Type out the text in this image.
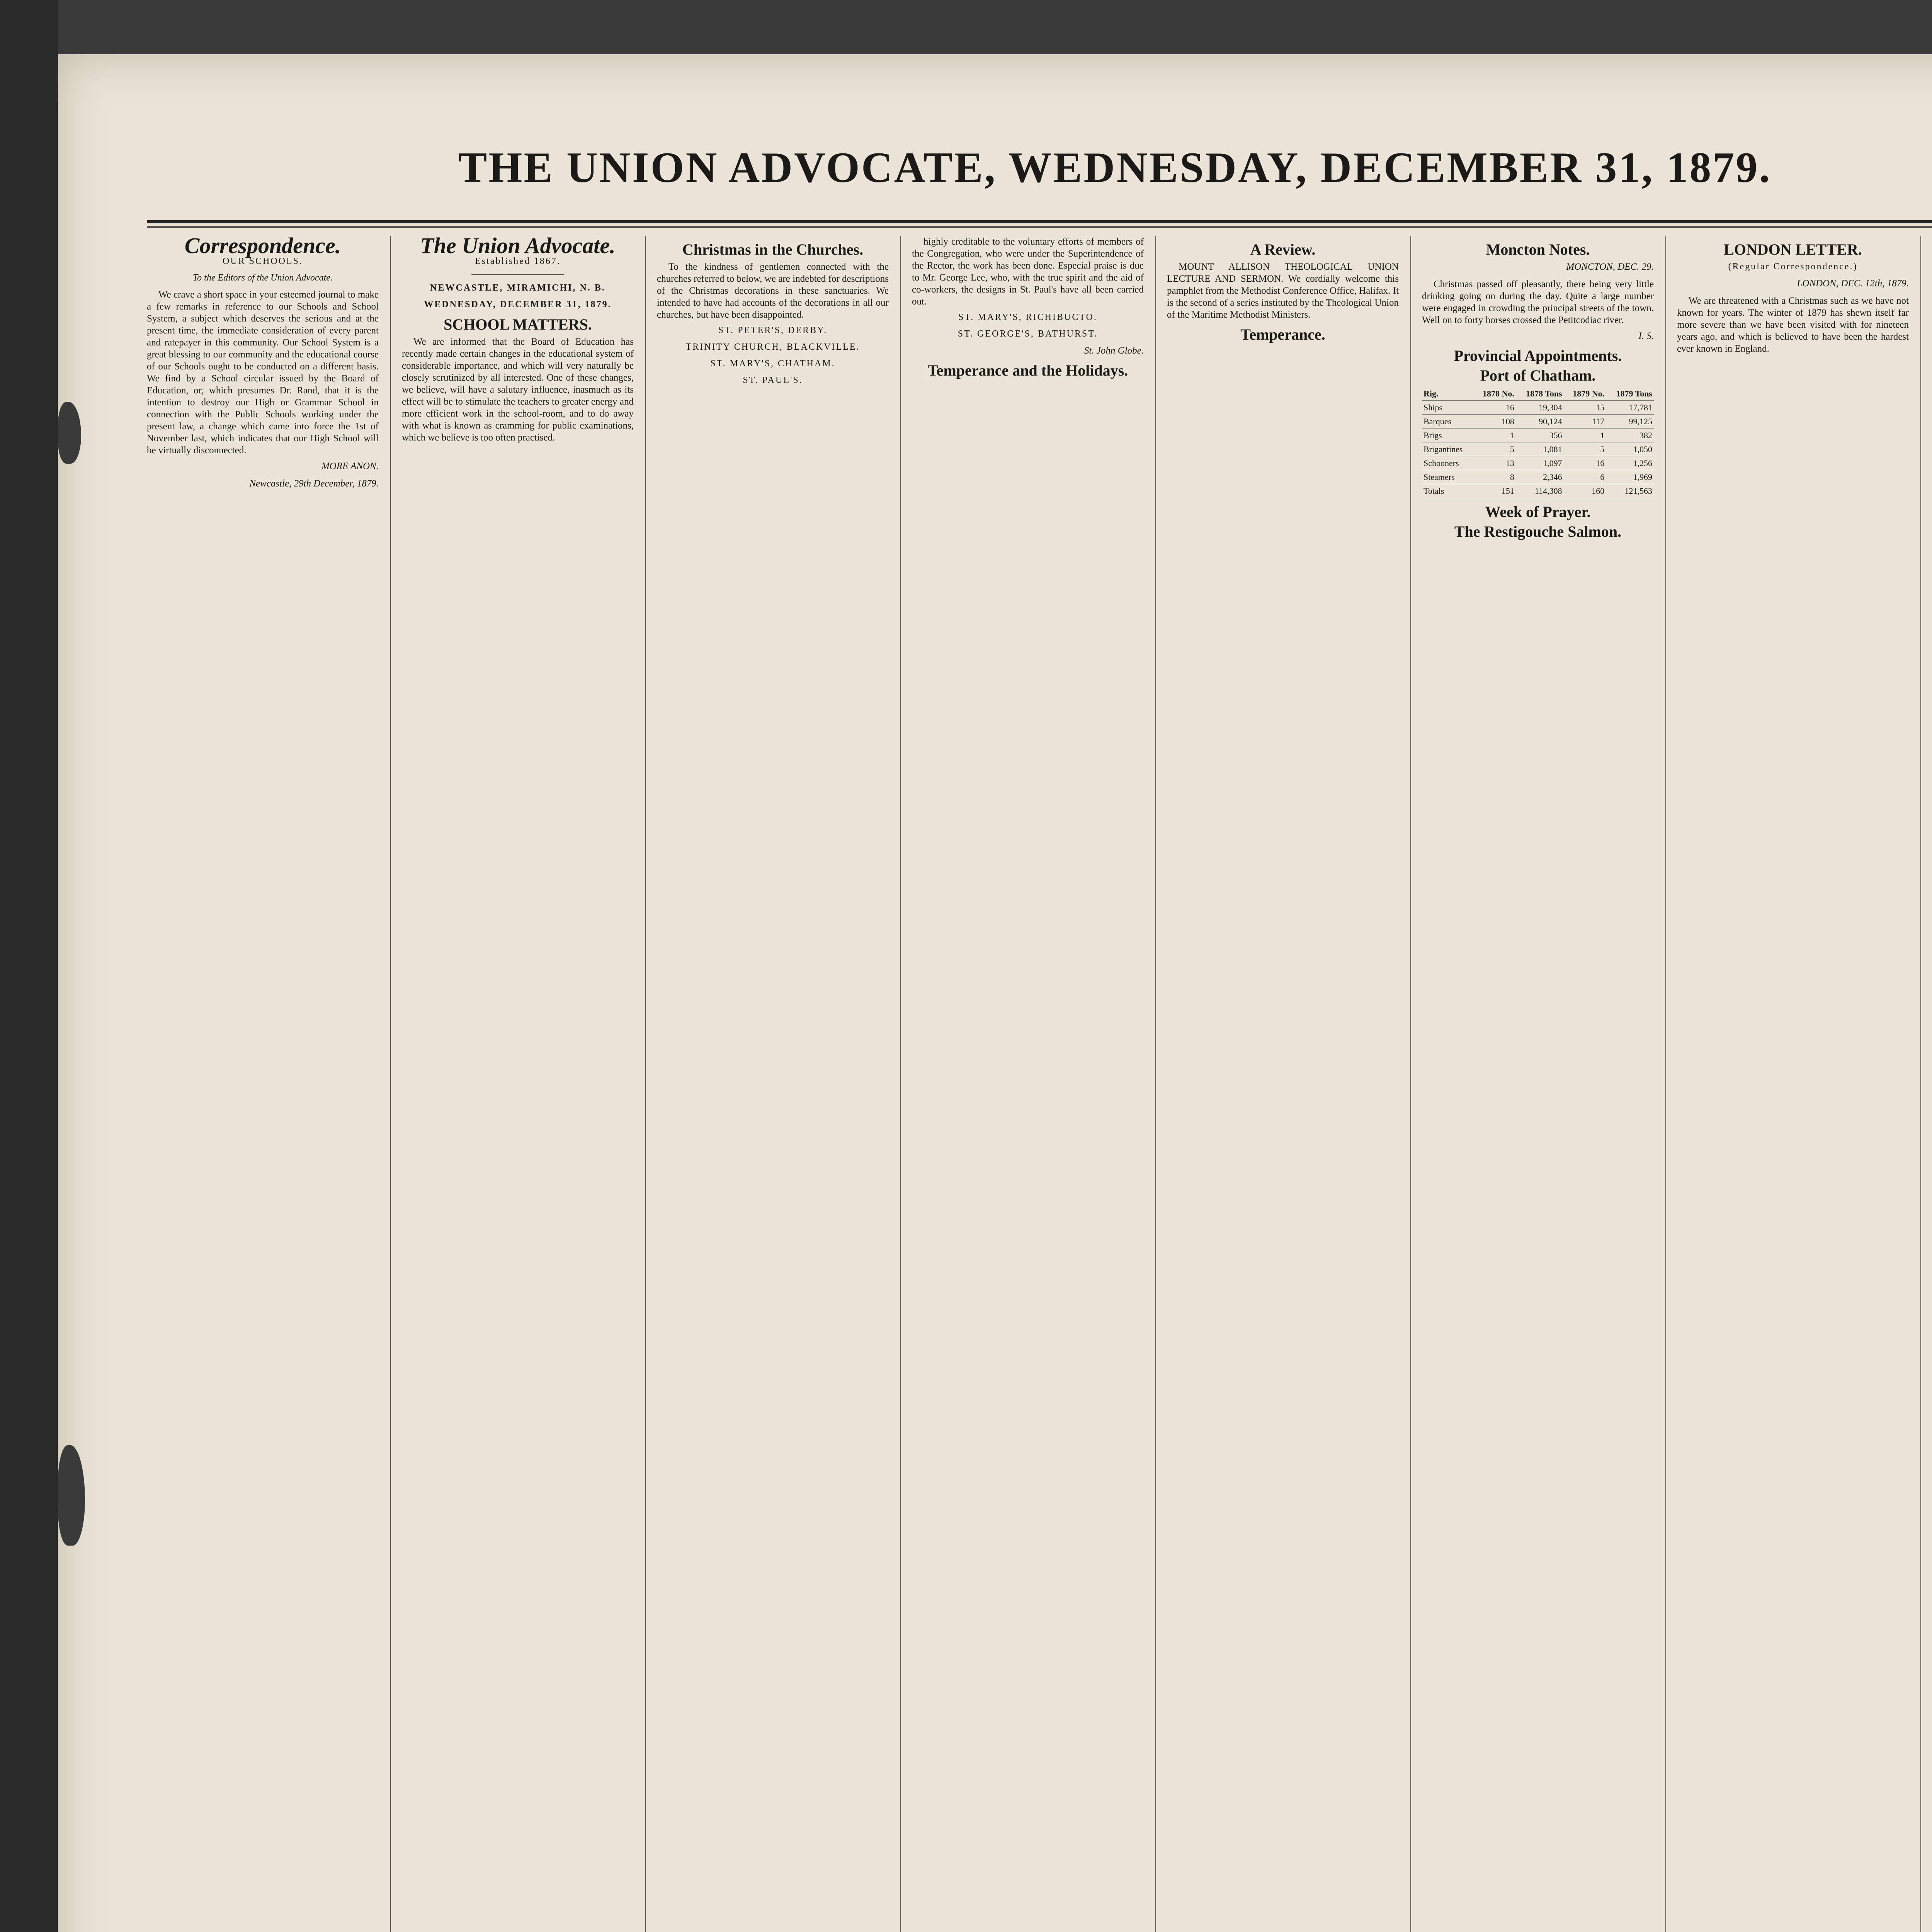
THE UNION ADVOCATE, WEDNESDAY, DECEMBER 31, 1879.
Correspondence.
OUR SCHOOLS.
To the Editors of the Union Advocate.

We crave a short space in your esteemed journal to make a few remarks in reference to our Schools and School System, a subject which deserves the serious and at the present time, the immediate consideration of every parent and ratepayer in this community. Our School System is a great blessing to our community and the educational course of our Schools ought to be conducted on a different basis. We find by a School circular issued by the Board of Education, or, which presumes Dr. Rand, that it is the intention to destroy our High or Grammar School in connection with the Public Schools working under the present law, a change which came into force the 1st of November last, which indicates that our High School will be virtually disconnected.

MORE ANON.
Newcastle, 29th December, 1879.
The Union Advocate.
Established 1867.
NEWCASTLE, MIRAMICHI, N. B.
WEDNESDAY, DECEMBER 31, 1879.
SCHOOL MATTERS.

We are informed that the Board of Education has recently made certain changes in the educational system of considerable importance, and which will very naturally be closely scrutinized by all interested. One of these changes, we believe, will have a salutary influence, inasmuch as its effect will be to stimulate the teachers to greater energy and more efficient work in the school-room, and to do away with what is known as cramming for public examinations, which we believe is too often practised.

Christmas in the Churches.

To the kindness of gentlemen connected with the churches referred to below, we are indebted for descriptions of the Christmas decorations in these sanctuaries. We intended to have had accounts of the decorations in all our churches, but have been disappointed.

ST. PETER'S, DERBY.
TRINITY CHURCH, BLACKVILLE.
ST. MARY'S, CHATHAM.
ST. PAUL'S.

highly creditable to the voluntary efforts of members of the Congregation, who were under the Superintendence of the Rector, the work has been done. Especial praise is due to Mr. George Lee, who, with the true spirit and the aid of co-workers, the designs in St. Paul's have all been carried out.

ST. MARY'S, RICHIBUCTO.
ST. GEORGE'S, BATHURST.
St. John Globe.
Temperance and the Holidays.
A Review.

MOUNT ALLISON THEOLOGICAL UNION LECTURE AND SERMON. We cordially welcome this pamphlet from the Methodist Conference Office, Halifax. It is the second of a series instituted by the Theological Union of the Maritime Methodist Ministers.

Temperance.
Moncton Notes.
MONCTON, DEC. 29.

Christmas passed off pleasantly, there being very little drinking going on during the day. Quite a large number were engaged in crowding the principal streets of the town. Well on to forty horses crossed the Petitcodiac river.

I. S.
Provincial Appointments.
Port of Chatham.
Rig.	1878 No.	1878 Tons	1879 No.	1879 Tons
Ships	16	19,304	15	17,781
Barques	108	90,124	117	99,125
Brigs	1	356	1	382
Brigantines	5	1,081	5	1,050
Schooners	13	1,097	16	1,256
Steamers	8	2,346	6	1,969
Totals	151	114,308	160	121,563
Week of Prayer.
The Restigouche Salmon.
LONDON LETTER.
(Regular Correspondence.)
LONDON, DEC. 12th, 1879.

We are threatened with a Christmas such as we have not known for years. The winter of 1879 has shewn itself far more severe than we have been visited with for nineteen years ago, and which is believed to have been the hardest ever known in England.
